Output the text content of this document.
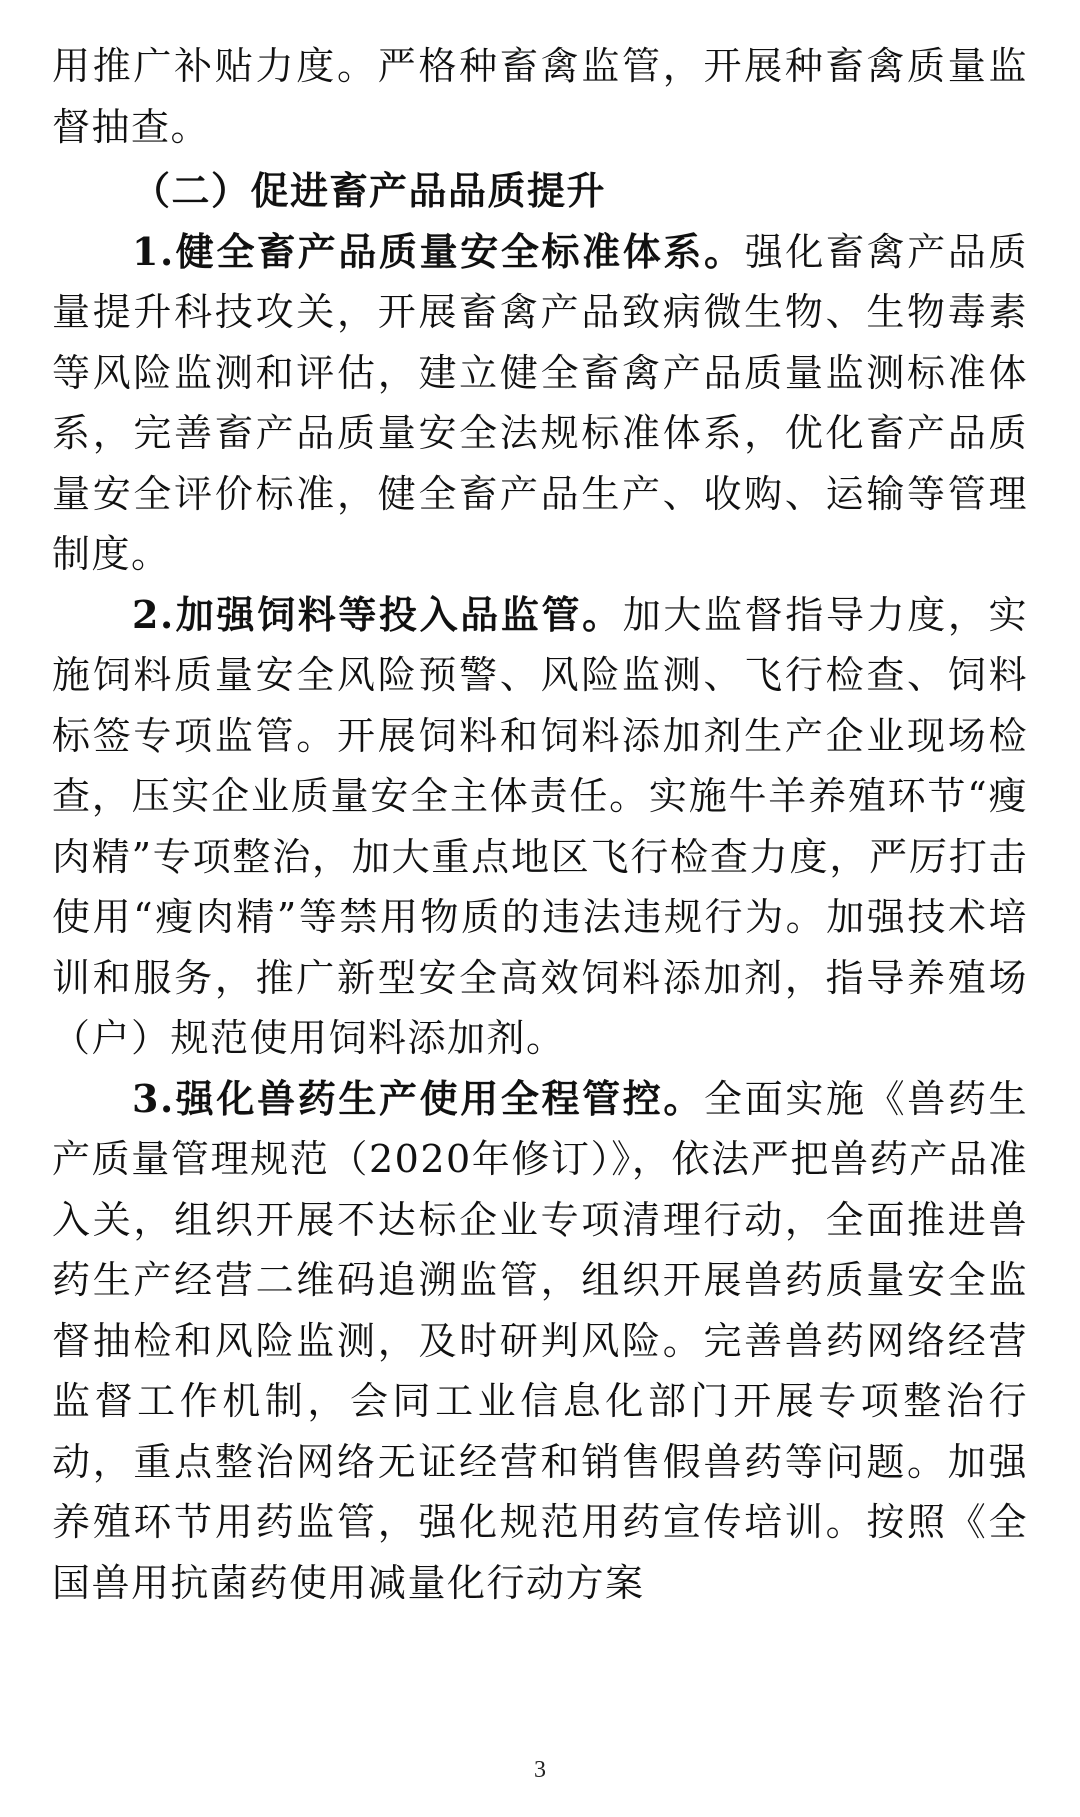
用推广补贴力度。严格种畜禽监管，开展种畜禽质量监督抽查。

（二）促进畜产品品质提升

1.健全畜产品质量安全标准体系。强化畜禽产品质量提升科技攻关，开展畜禽产品致病微生物、生物毒素等风险监测和评估，建立健全畜禽产品质量监测标准体系，完善畜产品质量安全法规标准体系，优化畜产品质量安全评价标准，健全畜产品生产、收购、运输等管理制度。

2.加强饲料等投入品监管。加大监督指导力度，实施饲料质量安全风险预警、风险监测、飞行检查、饲料标签专项监管。开展饲料和饲料添加剂生产企业现场检查，压实企业质量安全主体责任。实施牛羊养殖环节“瘦肉精”专项整治，加大重点地区飞行检查力度，严厉打击使用“瘦肉精”等禁用物质的违法违规行为。加强技术培训和服务，推广新型安全高效饲料添加剂，指导养殖场（户）规范使用饲料添加剂。

3.强化兽药生产使用全程管控。全面实施《兽药生产质量管理规范（2020年修订）》，依法严把兽药产品准入关，组织开展不达标企业专项清理行动，全面推进兽药生产经营二维码追溯监管，组织开展兽药质量安全监督抽检和风险监测，及时研判风险。完善兽药网络经营监督工作机制，会同工业信息化部门开展专项整治行动，重点整治网络无证经营和销售假兽药等问题。加强养殖环节用药监管，强化规范用药宣传培训。按照《全国兽用抗菌药使用减量化行动方案

3
